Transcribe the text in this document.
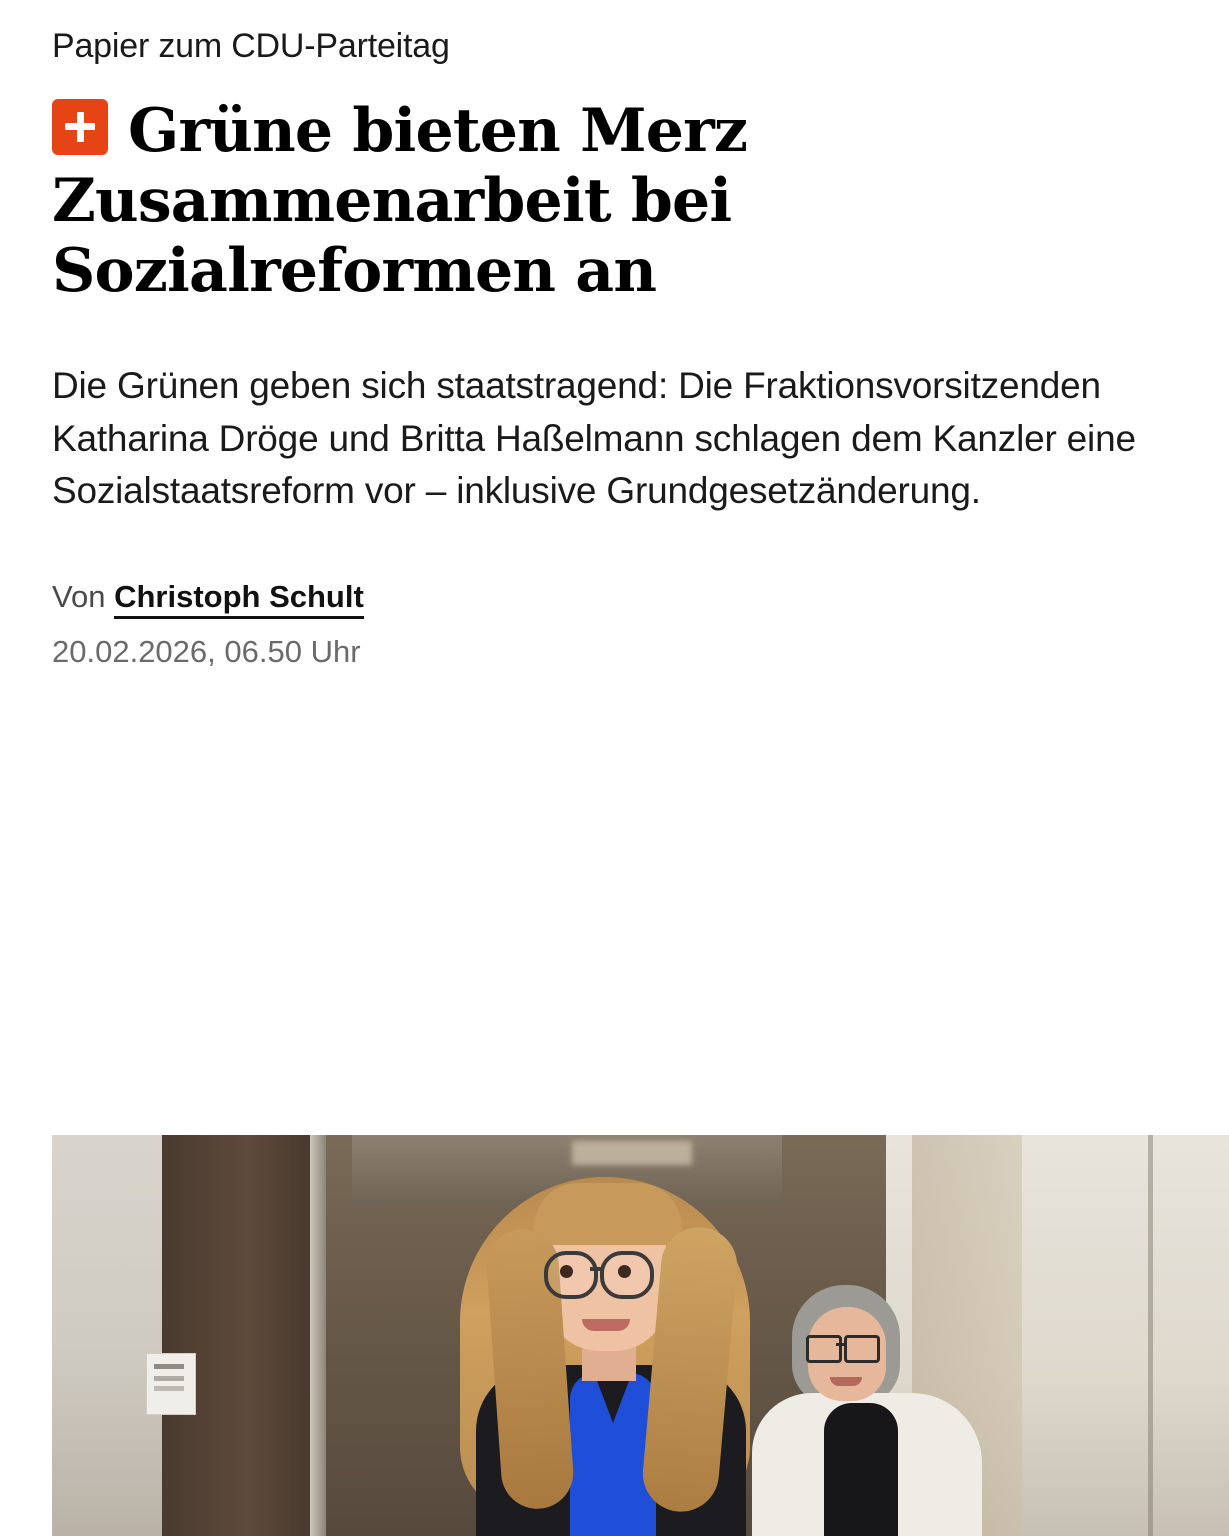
Papier zum CDU-Parteitag
Grüne bieten Merz Zusammenarbeit bei Sozialreformen an
Die Grünen geben sich staatstragend: Die Fraktionsvorsitzenden Katharina Dröge und Britta Haßelmann schlagen dem Kanzler eine Sozialstaatsreform vor – inklusive Grundgesetzänderung.
Von Christoph Schult
20.02.2026, 06.50 Uhr
